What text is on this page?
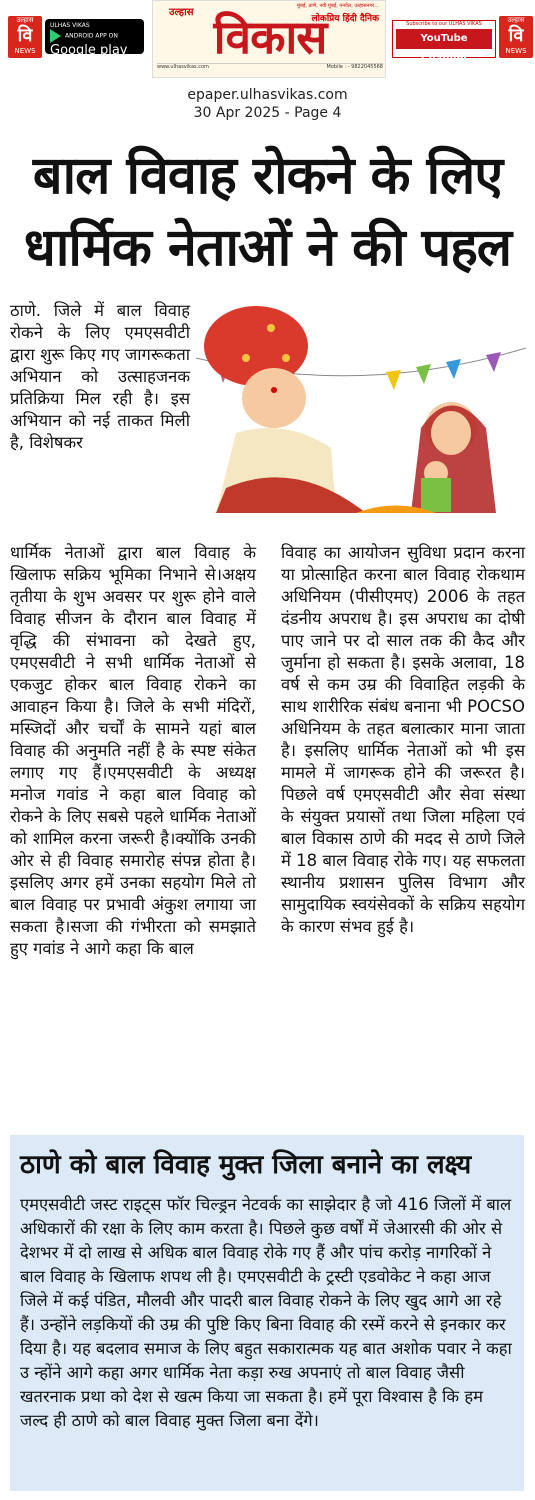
उल्हास
वि
NEWS
ULHAS VIKAS
ANDROID APP ON
Google play
उल्हास
मुंबई, ठाणे, नवी मुंबई, पनवेल, उल्हासनगर...
लोकप्रिय हिंदी दैनिक
विकास
www.ulhasvikas.com	Mobile : - 9822045568
Subscribe to our ULHAS VIKAS
YouTube Channel
उल्हास
वि
NEWS
epaper.ulhasvikas.com
30 Apr 2025 - Page 4
बाल विवाह रोकने के लिए
धार्मिक नेताओं ने की पहल
ठाणे. जिले में बाल विवाह रोकने के लिए एमएसवीटी द्वारा शुरू किए गए जागरूकता अभियान को उत्साहजनक प्रतिक्रिया मिल रही है। इस अभियान को नई ताकत मिली है, विशेषकर
धार्मिक नेताओं द्वारा बाल विवाह के खिलाफ सक्रिय भूमिका निभाने से।अक्षय तृतीया के शुभ अवसर पर शुरू होने वाले विवाह सीजन के दौरान बाल विवाह में वृद्धि की संभावना को देखते हुए, एमएसवीटी ने सभी धार्मिक नेताओं से एकजुट होकर बाल विवाह रोकने का आवाहन किया है। जिले के सभी मंदिरों, मस्जिदों और चर्चों के सामने यहां बाल विवाह की अनुमति नहीं है के स्पष्ट संकेत लगाए गए हैं।एमएसवीटी के अध्यक्ष मनोज गवांड ने कहा बाल विवाह को रोकने के लिए सबसे पहले धार्मिक नेताओं को शामिल करना जरूरी है।क्योंकि उनकी ओर से ही विवाह समारोह संपन्न होता है। इसलिए अगर हमें उनका सहयोग मिले तो बाल विवाह पर प्रभावी अंकुश लगाया जा सकता है।सजा की गंभीरता को समझाते हुए गवांड ने आगे कहा कि बाल
विवाह का आयोजन सुविधा प्रदान करना या प्रोत्साहित करना बाल विवाह रोकथाम अधिनियम (पीसीएमए) 2006 के तहत दंडनीय अपराध है। इस अपराध का दोषी पाए जाने पर दो साल तक की कैद और जुर्माना हो सकता है। इसके अलावा, 18 वर्ष से कम उम्र की विवाहित लड़की के साथ शारीरिक संबंध बनाना भी POCSO अधिनियम के तहत बलात्कार माना जाता है। इसलिए धार्मिक नेताओं को भी इस मामले में जागरूक होने की जरूरत है।पिछले वर्ष एमएसवीटी और सेवा संस्था के संयुक्त प्रयासों तथा जिला महिला एवं बाल विकास ठाणे की मदद से ठाणे जिले में 18 बाल विवाह रोके गए। यह सफलता स्थानीय प्रशासन पुलिस विभाग और सामुदायिक स्वयंसेवकों के सक्रिय सहयोग के कारण संभव हुई है।
ठाणे को बाल विवाह मुक्त जिला बनाने का लक्ष्य
एमएसवीटी जस्ट राइट्स फॉर चिल्ड्रन नेटवर्क का साझेदार है जो 416 जिलों में बाल अधिकारों की रक्षा के लिए काम करता है। पिछले कुछ वर्षों में जेआरसी की ओर से देशभर में दो लाख से अधिक बाल विवाह रोके गए हैं और पांच करोड़ नागरिकों ने बाल विवाह के खिलाफ शपथ ली है। एमएसवीटी के ट्रस्टी एडवोकेट ने कहा आज जिले में कई पंडित, मौलवी और पादरी बाल विवाह रोकने के लिए खुद आगे आ रहे हैं। उन्होंने लड़कियों की उम्र की पुष्टि किए बिना विवाह की रस्में करने से इनकार कर दिया है। यह बदलाव समाज के लिए बहुत सकारात्मक यह बात अशोक पवार ने कहा उ न्होंने आगे कहा अगर धार्मिक नेता कड़ा रुख अपनाएं तो बाल विवाह जैसी खतरनाक प्रथा को देश से खत्म किया जा सकता है। हमें पूरा विश्वास है कि हम जल्द ही ठाणे को बाल विवाह मुक्त जिला बना देंगे।
